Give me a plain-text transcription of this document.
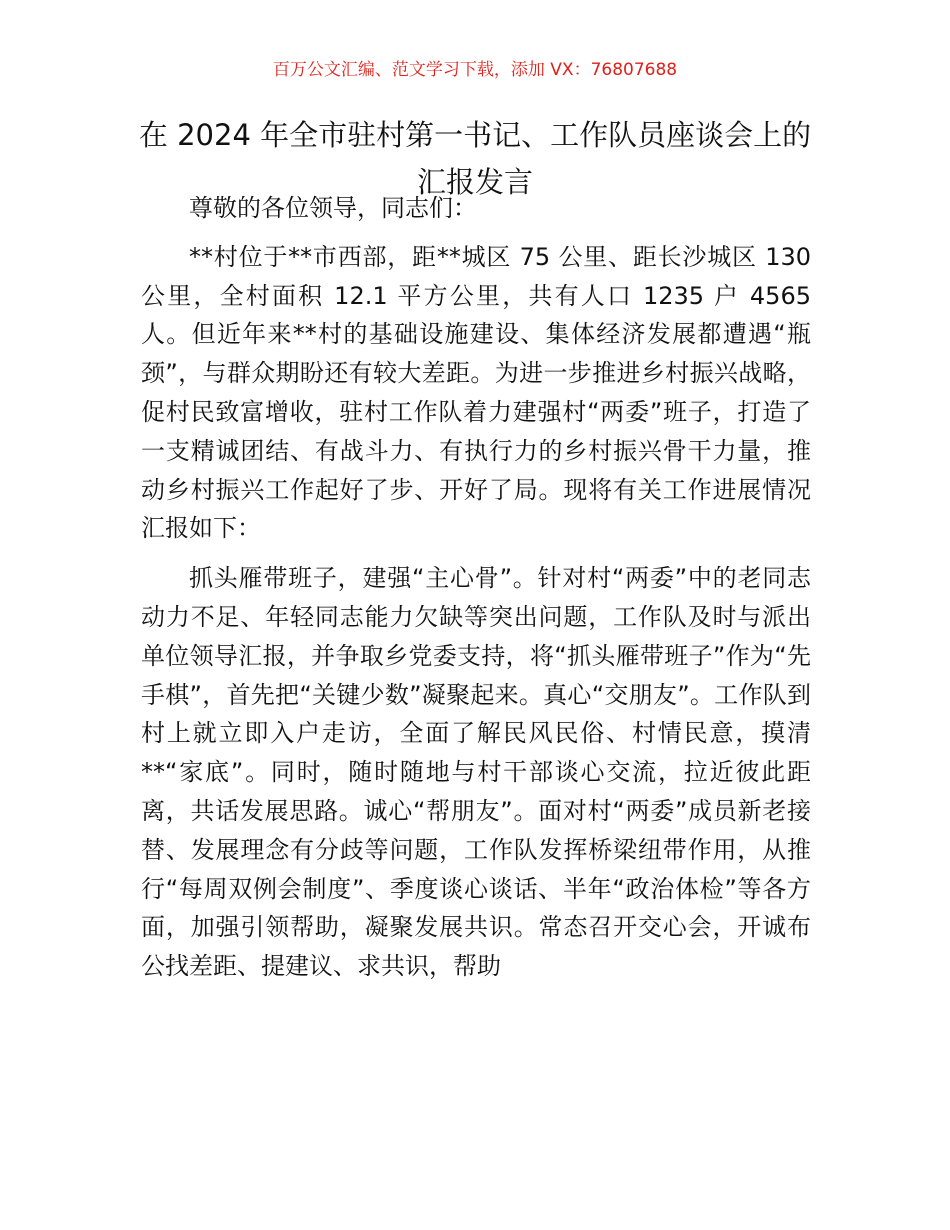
百万公文汇编、范文学习下载，添加 VX：76807688
在 2024 年全市驻村第一书记、工作队员座谈会上的汇报发言

尊敬的各位领导，同志们：

**村位于**市西部，距**城区 75 公里、距长沙城区 130 公里，全村面积 12.1 平方公里，共有人口 1235 户 4565 人。但近年来**村的基础设施建设、集体经济发展都遭遇“瓶颈”，与群众期盼还有较大差距。为进一步推进乡村振兴战略，促村民致富增收，驻村工作队着力建强村“两委”班子，打造了一支精诚团结、有战斗力、有执行力的乡村振兴骨干力量，推动乡村振兴工作起好了步、开好了局。现将有关工作进展情况汇报如下：

抓头雁带班子，建强“主心骨”。针对村“两委”中的老同志动力不足、年轻同志能力欠缺等突出问题，工作队及时与派出单位领导汇报，并争取乡党委支持，将“抓头雁带班子”作为“先手棋”，首先把“关键少数”凝聚起来。真心“交朋友”。工作队到村上就立即入户走访，全面了解民风民俗、村情民意，摸清**“家底”。同时，随时随地与村干部谈心交流，拉近彼此距离，共话发展思路。诚心“帮朋友”。面对村“两委”成员新老接替、发展理念有分歧等问题，工作队发挥桥梁纽带作用，从推行“每周双例会制度”、季度谈心谈话、半年“政治体检”等各方面，加强引领帮助，凝聚发展共识。常态召开交心会，开诚布公找差距、提建议、求共识，帮助
